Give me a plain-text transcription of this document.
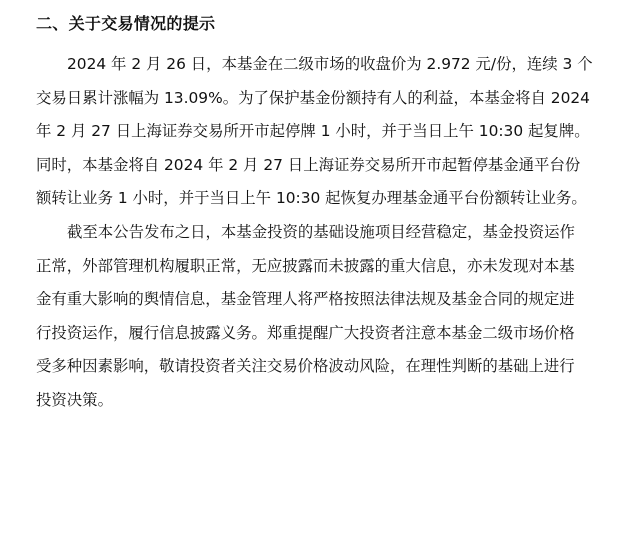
二、关于交易情况的提示
2024 年 2 月 26 日，本基金在二级市场的收盘价为 2.972 元/份，连续 3 个
交易日累计涨幅为 13.09%。为了保护基金份额持有人的利益，本基金将自 2024
年 2 月 27 日上海证券交易所开市起停牌 1 小时，并于当日上午 10:30 起复牌。
同时，本基金将自 2024 年 2 月 27 日上海证券交易所开市起暂停基金通平台份
额转让业务 1 小时，并于当日上午 10:30 起恢复办理基金通平台份额转让业务。
截至本公告发布之日，本基金投资的基础设施项目经营稳定，基金投资运作
正常，外部管理机构履职正常，无应披露而未披露的重大信息，亦未发现对本基
金有重大影响的舆情信息，基金管理人将严格按照法律法规及基金合同的规定进
行投资运作，履行信息披露义务。郑重提醒广大投资者注意本基金二级市场价格
受多种因素影响，敬请投资者关注交易价格波动风险，在理性判断的基础上进行
投资决策。
